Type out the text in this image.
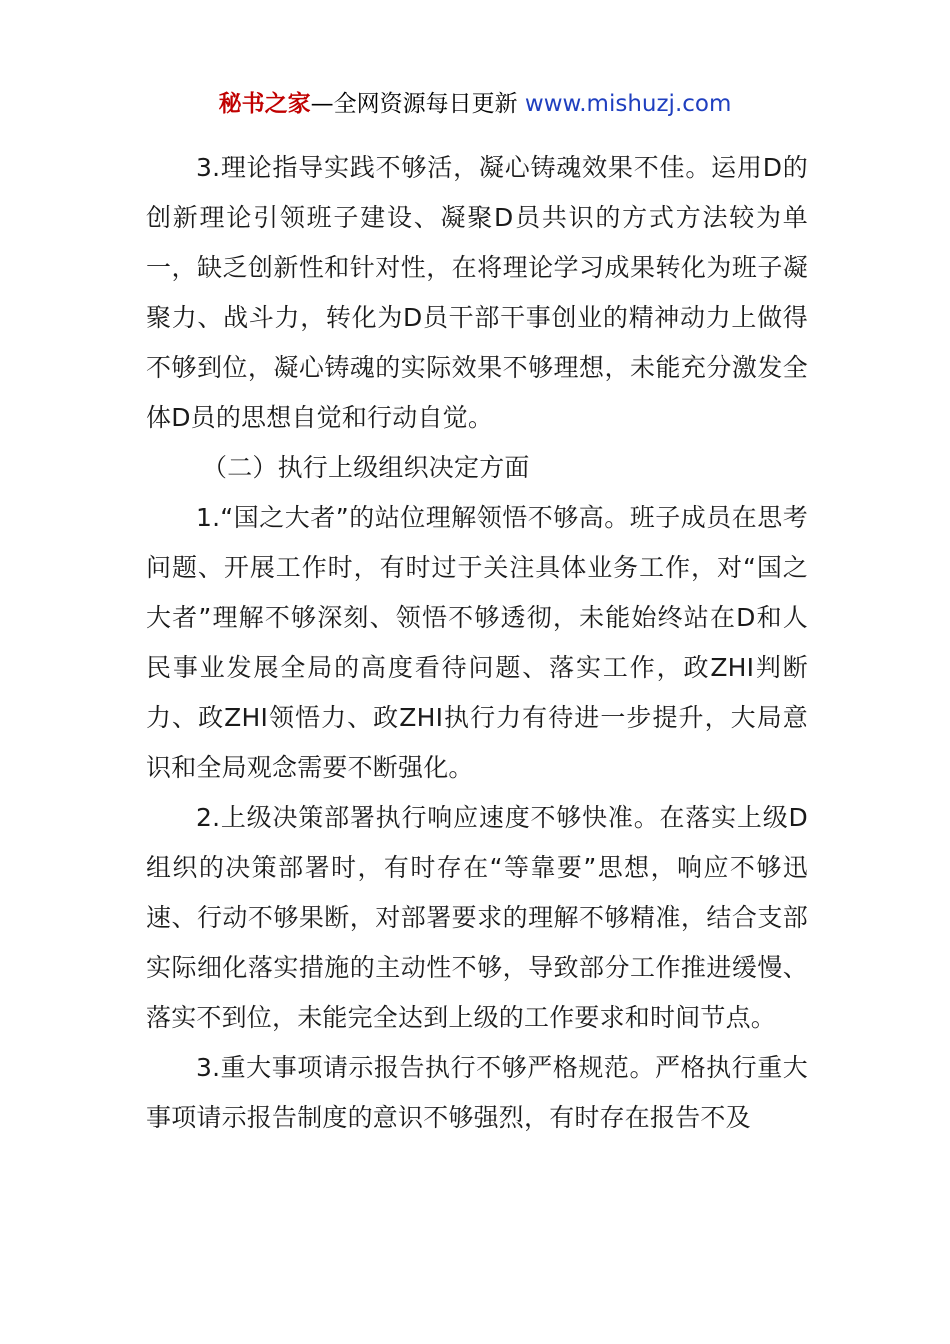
秘书之家—全网资源每日更新 www.mishuzj.com

3.理论指导实践不够活，凝心铸魂效果不佳。运用D的创新理论引领班子建设、凝聚D员共识的方式方法较为单一，缺乏创新性和针对性，在将理论学习成果转化为班子凝聚力、战斗力，转化为D员干部干事创业的精神动力上做得不够到位，凝心铸魂的实际效果不够理想，未能充分激发全体D员的思想自觉和行动自觉。

（二）执行上级组织决定方面

1.“国之大者”的站位理解领悟不够高。班子成员在思考问题、开展工作时，有时过于关注具体业务工作，对“国之大者”理解不够深刻、领悟不够透彻，未能始终站在D和人民事业发展全局的高度看待问题、落实工作，政ZHI判断力、政ZHI领悟力、政ZHI执行力有待进一步提升，大局意识和全局观念需要不断强化。

2.上级决策部署执行响应速度不够快准。在落实上级D组织的决策部署时，有时存在“等靠要”思想，响应不够迅速、行动不够果断，对部署要求的理解不够精准，结合支部实际细化落实措施的主动性不够，导致部分工作推进缓慢、落实不到位，未能完全达到上级的工作要求和时间节点。

3.重大事项请示报告执行不够严格规范。严格执行重大事项请示报告制度的意识不够强烈，有时存在报告不及
